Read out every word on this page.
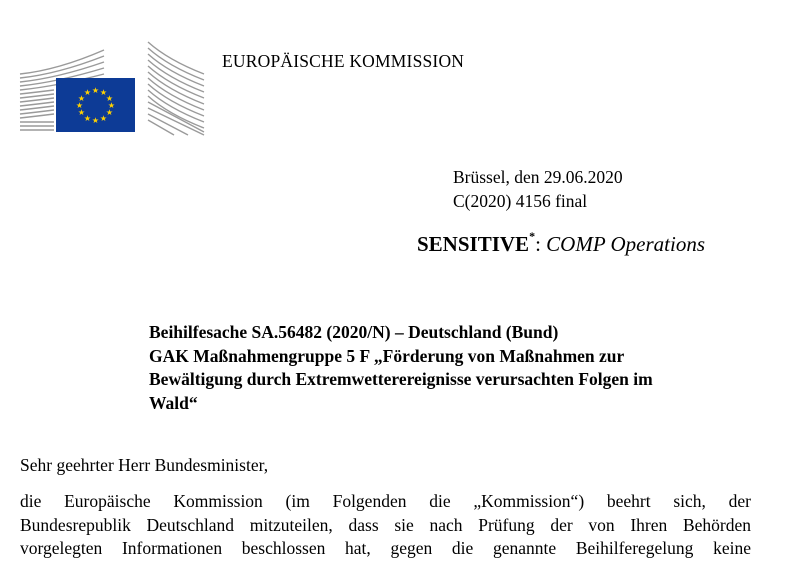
★ ★
★
★
★
★
★
★
★
★
★
★
EUROPÄISCHE KOMMISSION
Brüssel, den 29.06.2020
C(2020) 4156 final
SENSITIVE*: COMP Operations
Beihilfesache SA.56482 (2020/N) – Deutschland (Bund)
GAK Maßnahmengruppe 5 F „Förderung von Maßnahmen zur
Bewältigung durch Extremwetterereignisse verursachten Folgen im
Wald“
Sehr geehrter Herr Bundesminister,
die Europäische Kommission (im Folgenden die „Kommission“) beehrt sich, der
Bundesrepublik Deutschland mitzuteilen, dass sie nach Prüfung der von Ihren Behörden
vorgelegten Informationen beschlossen hat, gegen die genannte Beihilferegelung keine
